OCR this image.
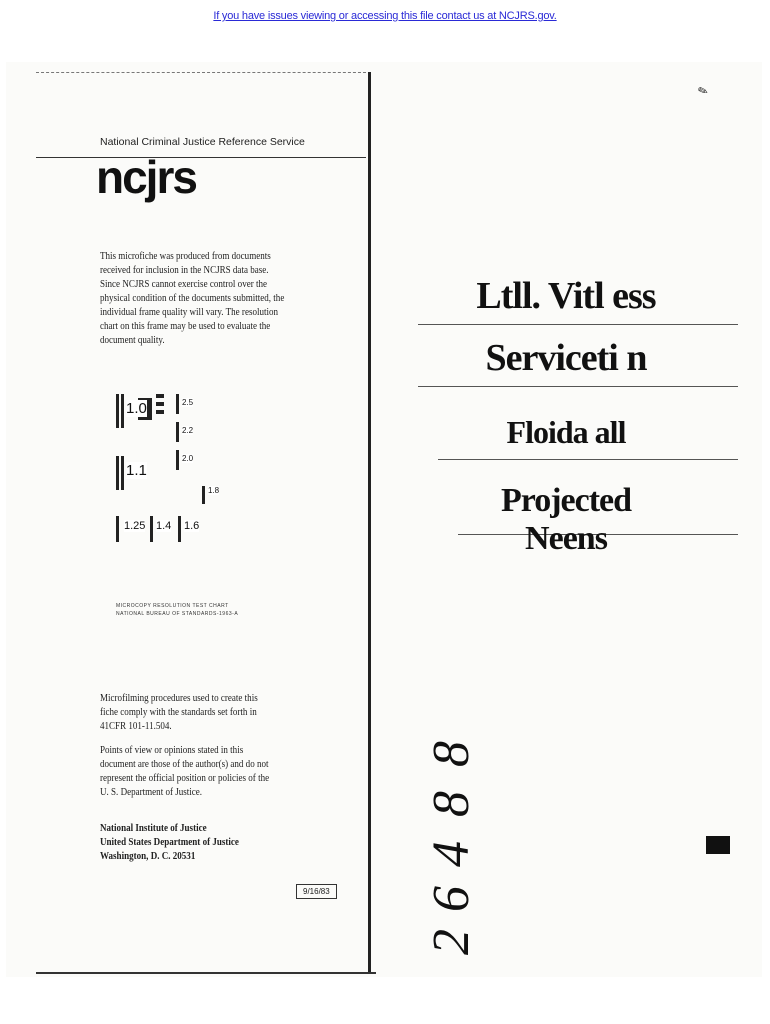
If you have issues viewing or accessing this file contact us at NCJRS.gov.
National Criminal Justice Reference Service
ncjrs
This microfiche was produced from documents received for inclusion in the NCJRS data base. Since NCJRS cannot exercise control over the physical condition of the documents submitted, the individual frame quality will vary. The resolution chart on this frame may be used to evaluate the document quality.
1.0
1.1
1.25 1.4 1.6
2.5
2.2
2.0
1.8
MICROCOPY RESOLUTION TEST CHART
NATIONAL BUREAU OF STANDARDS-1963-A
Microfilming procedures used to create this fiche comply with the standards set forth in 41CFR 101-11.504.
Points of view or opinions stated in this document are those of the author(s) and do not represent the official position or policies of the U. S. Department of Justice.
National Institute of Justice
United States Department of Justice
Washington, D. C. 20531
9/16/83
✎
Ltll. Vitl ess
Serviceti n
Floida all
Projected Neens
8
8
4
6
2
